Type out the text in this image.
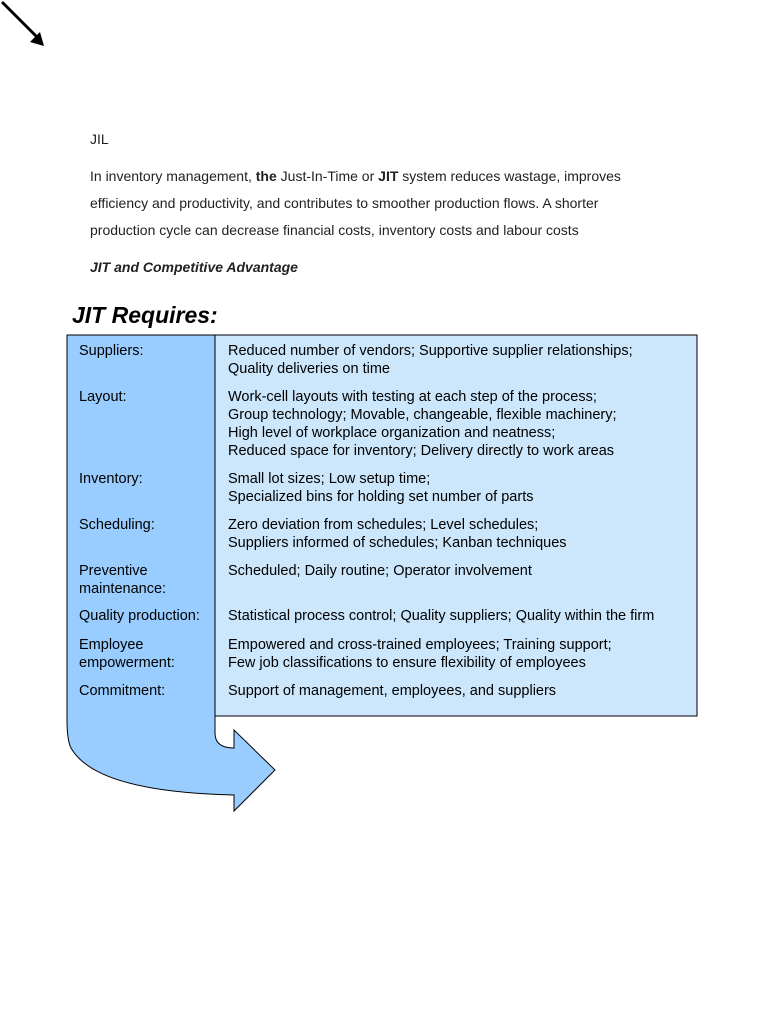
JIL

In inventory management, the Just-In-Time or JIT system reduces wastage, improves

efficiency and productivity, and contributes to smoother production flows. A shorter

production cycle can decrease financial costs, inventory costs and labour costs

JIT and Competitive Advantage

JIT Requires:
Suppliers:	Reduced number of vendors; Supportive supplier relationships;
Quality deliveries on time
Layout:	Work-cell layouts with testing at each step of the process;
Group technology; Movable, changeable, flexible machinery;
High level of workplace organization and neatness;
Reduced space for inventory; Delivery directly to work areas
Inventory:	Small lot sizes; Low setup time;
Specialized bins for holding set number of parts
Scheduling:	Zero deviation from schedules; Level schedules;
Suppliers informed of schedules; Kanban techniques
Preventive maintenance:
Scheduled; Daily routine; Operator involvement
Quality production:	Statistical process control; Quality suppliers; Quality within the firm
Employee empowerment:
Empowered and cross-trained employees; Training support;
Few job classifications to ensure flexibility of employees
Commitment:	Support of management, employees, and suppliers
